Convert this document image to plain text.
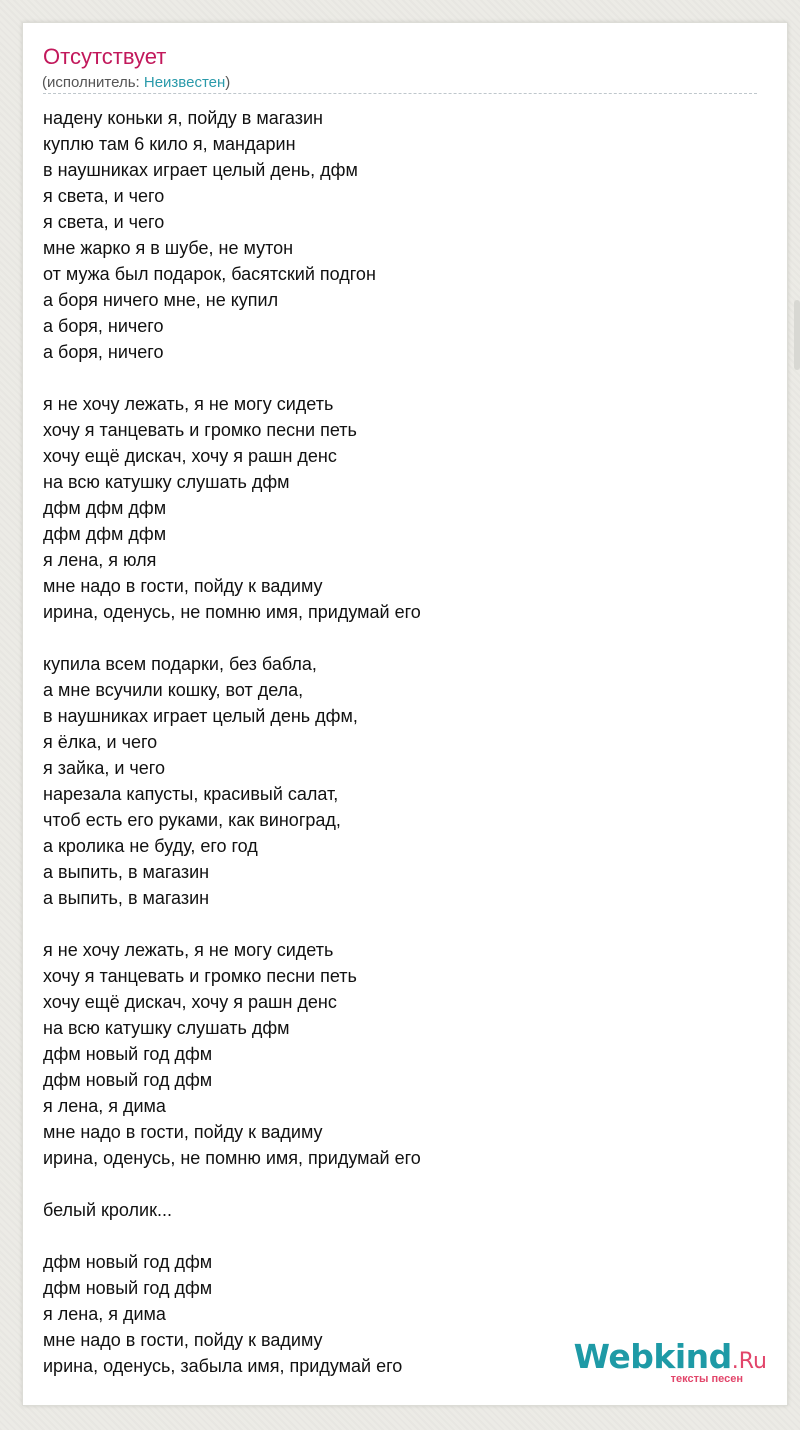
Отсутствует
(исполнитель: Неизвестен)
надену коньки я, пойду в магазин
куплю там 6 кило я, мандарин
в наушниках играет целый день, дфм
я света, и чего
я света, и чего
мне жарко я в шубе, не мутон
от мужа был подарок, басятский подгон
а боря ничего мне, не купил
а боря, ничего
а боря, ничего
я не хочу лежать, я не могу сидеть
хочу я танцевать и громко песни петь
хочу ещё дискач, хочу я рашн денс
на всю катушку слушать дфм
дфм дфм дфм
дфм дфм дфм
я лена, я юля
мне надо в гости, пойду к вадиму
ирина, оденусь, не помню имя, придумай его
купила всем подарки, без бабла,
а мне всучили кошку, вот дела,
в наушниках играет целый день дфм,
я ёлка, и чего
я зайка, и чего
нарезала капусты, красивый салат,
чтоб есть его руками, как виноград,
а кролика не буду, его год
а выпить, в магазин
а выпить, в магазин
я не хочу лежать, я не могу сидеть
хочу я танцевать и громко песни петь
хочу ещё дискач, хочу я рашн денс
на всю катушку слушать дфм
дфм новый год дфм
дфм новый год дфм
я лена, я дима
мне надо в гости, пойду к вадиму
ирина, оденусь, не помню имя, придумай его
белый кролик...
дфм новый год дфм
дфм новый год дфм
я лена, я дима
мне надо в гости, пойду к вадиму
ирина, оденусь, забыла имя, придумай его	Webkind.Ru
тексты песен
